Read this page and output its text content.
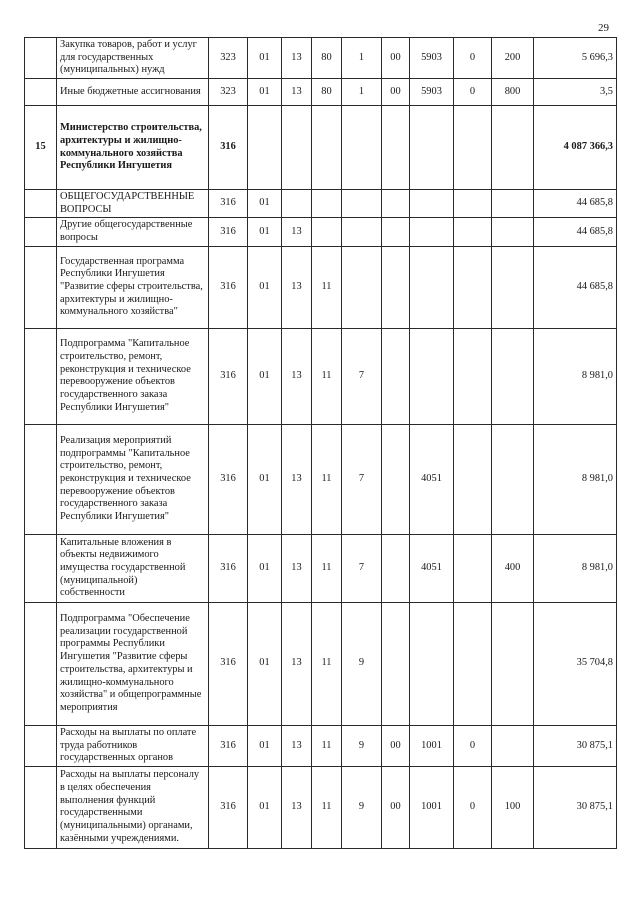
29
	Закупка товаров, работ и услуг для государственных (муниципальных) нужд	323	01	13	80	1	00	5903	0	200	5 696,3
	Иные бюджетные ассигнования	323	01	13	80	1	00	5903	0	800	3,5
15	Министерство строительства, архитектуры и жилищно-коммунального хозяйства Республики Ингушетия	316									4 087 366,3
	ОБЩЕГОСУДАРСТВЕННЫЕ ВОПРОСЫ	316	01								44 685,8
	Другие общегосударственные вопросы	316	01	13							44 685,8
	Государственная программа Республики Ингушетия "Развитие сферы строительства, архитектуры и жилищно-коммунального хозяйства"	316	01	13	11						44 685,8
	Подпрограмма "Капитальное строительство, ремонт, реконструкция и техническое перевооружение объектов государственного заказа Республики Ингушетия"	316	01	13	11	7					8 981,0
	Реализация мероприятий подпрограммы "Капитальное строительство, ремонт, реконструкция и техническое перевооружение объектов государственного заказа Республики Ингушетия"	316	01	13	11	7		4051			8 981,0
	Капитальные вложения в объекты недвижимого имущества государственной (муниципальной) собственности	316	01	13	11	7		4051		400	8 981,0
	Подпрограмма "Обеспечение реализации государственной программы Республики Ингушетия "Развитие сферы строительства, архитектуры и жилищно-коммунального хозяйства" и общепрограммные мероприятия	316	01	13	11	9					35 704,8
	Расходы на выплаты по оплате труда работников государственных органов	316	01	13	11	9	00	1001	0		30 875,1
	Расходы на выплаты персоналу в целях обеспечения выполнения функций государственными (муниципальными) органами, казёнными учреждениями.	316	01	13	11	9	00	1001	0	100	30 875,1
